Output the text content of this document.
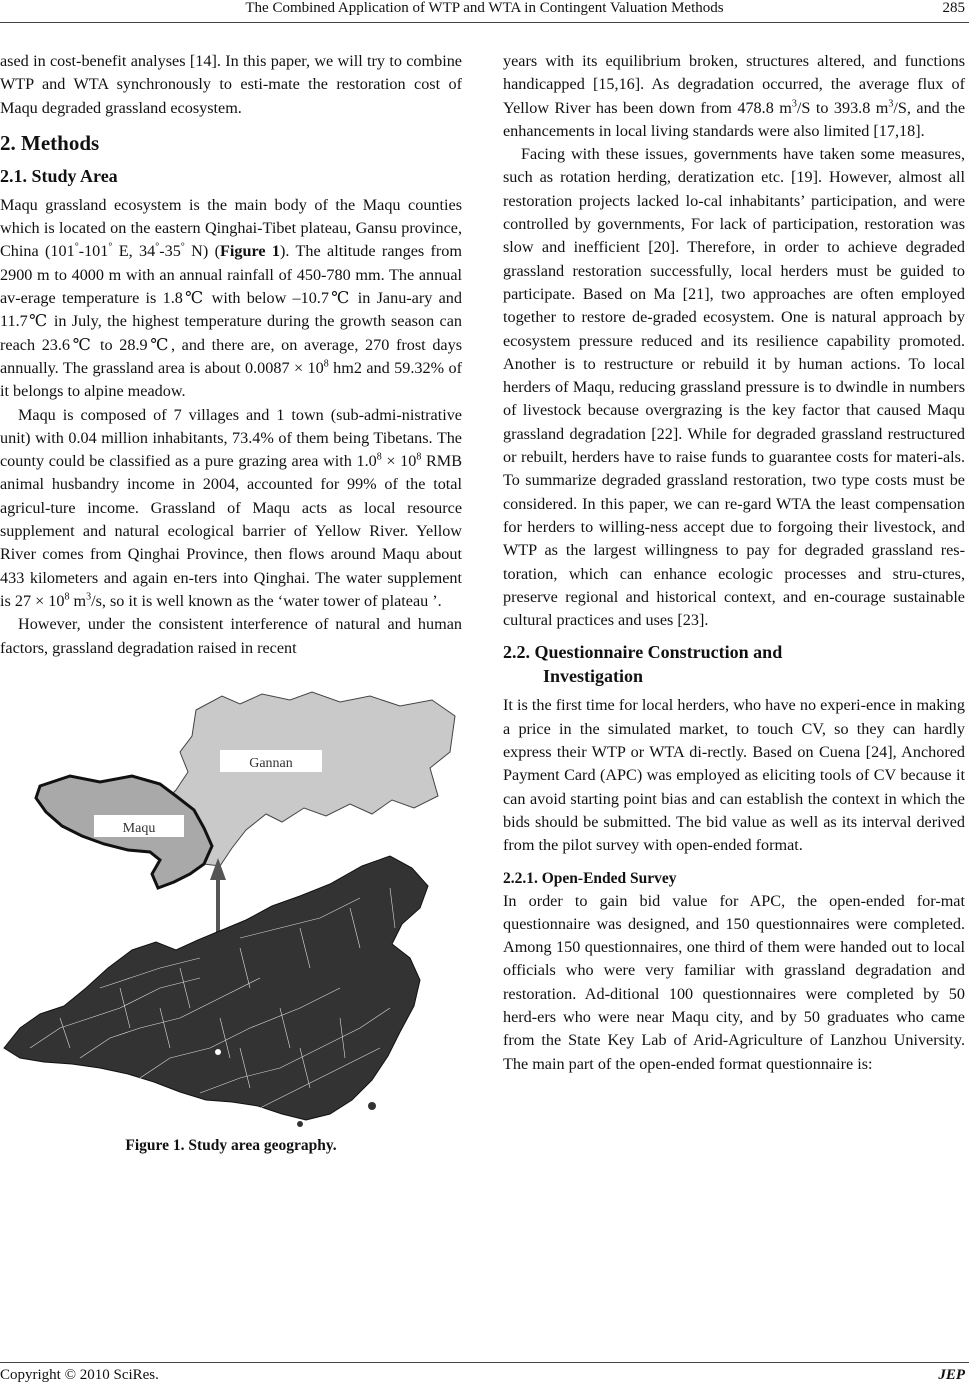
The Combined Application of WTP and WTA in Contingent Valuation Methods	285

ased in cost-benefit analyses [14]. In this paper, we will try to combine WTP and WTA synchronously to esti-mate the restoration cost of Maqu degraded grassland ecosystem.

2. Methods
2.1. Study Area

Maqu grassland ecosystem is the main body of the Maqu counties which is located on the eastern Qinghai-Tibet plateau, Gansu province, China (101°-101° E, 34°-35° N) (Figure 1). The altitude ranges from 2900 m to 4000 m with an annual rainfall of 450-780 mm. The annual av-erage temperature is 1.8℃ with below –10.7℃ in Janu-ary and 11.7℃ in July, the highest temperature during the growth season can reach 23.6℃ to 28.9℃, and there are, on average, 270 frost days annually. The grassland area is about $0.0087 \times 10^8$ hm2 and 59.32% of it belongs to alpine meadow.

Maqu is composed of 7 villages and 1 town (sub-admi-nistrative unit) with 0.04 million inhabitants, 73.4% of them being Tibetans. The county could be classified as a pure grazing area with $1.0^8 \times 10^8$ RMB animal husbandry income in 2004, accounted for 99% of the total agricul-ture income. Grassland of Maqu acts as local resource supplement and natural ecological barrier of Yellow River. Yellow River comes from Qinghai Province, then flows around Maqu about 433 kilometers and again en-ters into Qinghai. The water supplement is $27 \times 10^8$ $m^3/s$, so it is well known as the ‘water tower of plateau ’.

However, under the consistent interference of natural and human factors, grassland degradation raised in recent

Gannan
Maqu
Figure 1. Study area geography.

years with its equilibrium broken, structures altered, and functions handicapped [15,16]. As degradation occurred, the average flux of Yellow River has been down from 478.8 $m^3/S$ to 393.8 $m^3/S$, and the enhancements in local living standards were also limited [17,18].

Facing with these issues, governments have taken some measures, such as rotation herding, deratization etc. [19]. However, almost all restoration projects lacked lo-cal inhabitants’ participation, and were controlled by governments, For lack of participation, restoration was slow and inefficient [20]. Therefore, in order to achieve degraded grassland restoration successfully, local herders must be guided to participate. Based on Ma [21], two approaches are often employed together to restore de-graded ecosystem. One is natural approach by ecosystem pressure reduced and its resilience capability promoted. Another is to restructure or rebuild it by human actions. To local herders of Maqu, reducing grassland pressure is to dwindle in numbers of livestock because overgrazing is the key factor that caused Maqu grassland degradation [22]. While for degraded grassland restructured or rebuilt, herders have to raise funds to guarantee costs for materi-als. To summarize degraded grassland restoration, two type costs must be considered. In this paper, we can re-gard WTA the least compensation for herders to willing-ness accept due to forgoing their livestock, and WTP as the largest willingness to pay for degraded grassland res-toration, which can enhance ecologic processes and stru-ctures, preserve regional and historical context, and en-courage sustainable cultural practices and uses [23].

2.2. Questionnaire Construction and
Investigation

It is the first time for local herders, who have no experi-ence in making a price in the simulated market, to touch CV, so they can hardly express their WTP or WTA di-rectly. Based on Cuena [24], Anchored Payment Card (APC) was employed as eliciting tools of CV because it can avoid starting point bias and can establish the context in which the bids should be submitted. The bid value as well as its interval derived from the pilot survey with open-ended format.

2.2.1. Open-Ended Survey

In order to gain bid value for APC, the open-ended for-mat questionnaire was designed, and 150 questionnaires were completed. Among 150 questionnaires, one third of them were handed out to local officials who were very familiar with grassland degradation and restoration. Ad-ditional 100 questionnaires were completed by 50 herd-ers who were near Maqu city, and by 50 graduates who came from the State Key Lab of Arid-Agriculture of Lanzhou University. The main part of the open-ended format questionnaire is:

Copyright © 2010 SciRes.	JEP
